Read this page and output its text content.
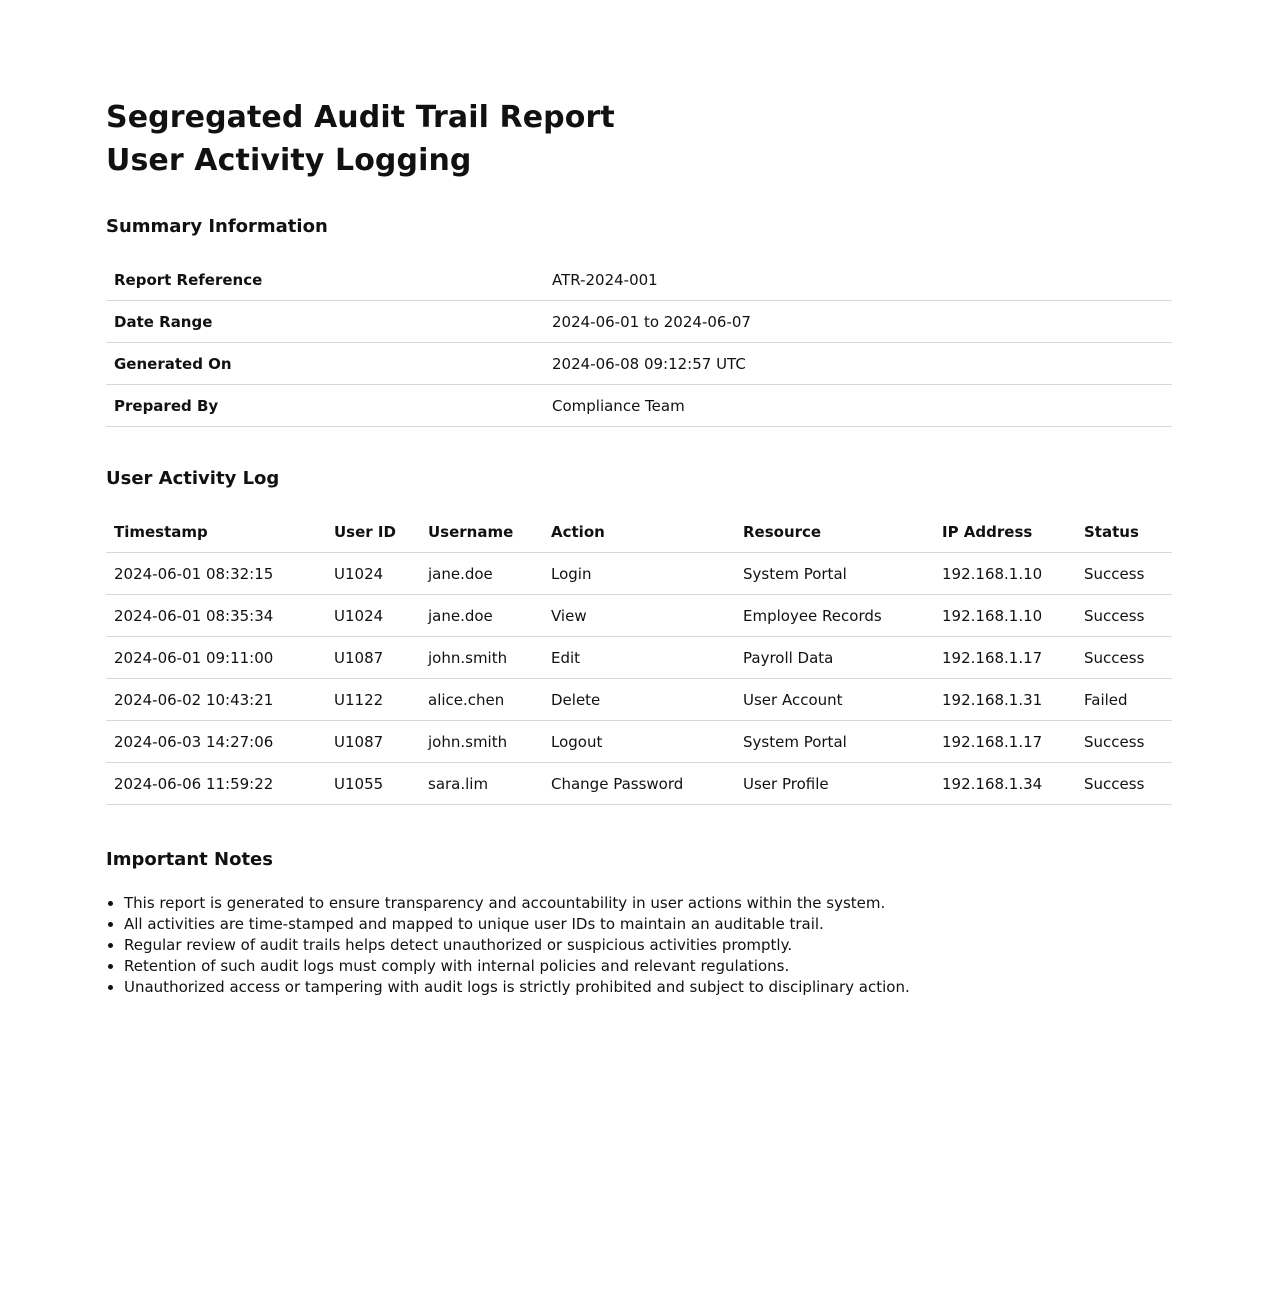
Segregated Audit Trail Report
User Activity Logging
Summary Information
Report Reference	ATR-2024-001
Date Range	2024-06-01 to 2024-06-07
Generated On	2024-06-08 09:12:57 UTC
Prepared By	Compliance Team
User Activity Log
Timestamp	User ID	Username	Action	Resource	IP Address	Status
2024-06-01 08:32:15	U1024	jane.doe	Login	System Portal	192.168.1.10	Success
2024-06-01 08:35:34	U1024	jane.doe	View	Employee Records	192.168.1.10	Success
2024-06-01 09:11:00	U1087	john.smith	Edit	Payroll Data	192.168.1.17	Success
2024-06-02 10:43:21	U1122	alice.chen	Delete	User Account	192.168.1.31	Failed
2024-06-03 14:27:06	U1087	john.smith	Logout	System Portal	192.168.1.17	Success
2024-06-06 11:59:22	U1055	sara.lim	Change Password	User Profile	192.168.1.34	Success
Important Notes
• This report is generated to ensure transparency and accountability in user actions within the system.
• All activities are time-stamped and mapped to unique user IDs to maintain an auditable trail.
• Regular review of audit trails helps detect unauthorized or suspicious activities promptly.
• Retention of such audit logs must comply with internal policies and relevant regulations.
• Unauthorized access or tampering with audit logs is strictly prohibited and subject to disciplinary action.
